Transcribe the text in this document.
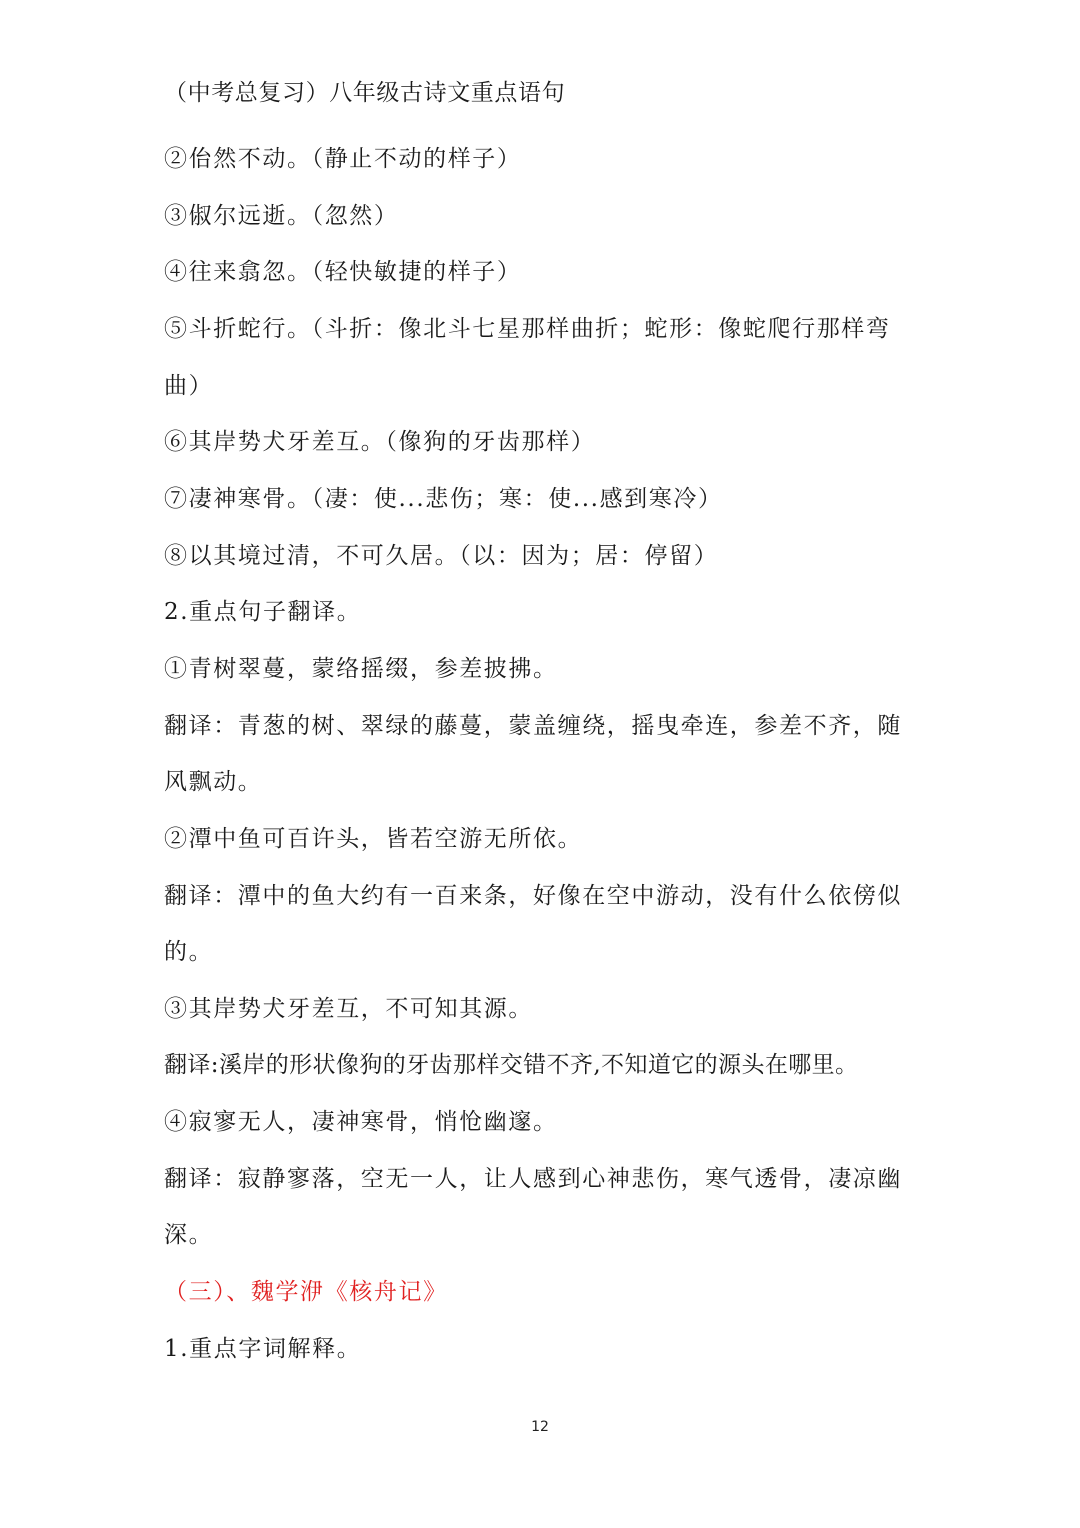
（中考总复习）八年级古诗文重点语句
②佁然不动。（静止不动的样子）
③俶尔远逝。（忽然）
④往来翕忽。（轻快敏捷的样子）
⑤斗折蛇行。（斗折：像北斗七星那样曲折；蛇形：像蛇爬行那样弯
曲）
⑥其岸势犬牙差互。（像狗的牙齿那样）
⑦凄神寒骨。（凄：使...悲伤；寒：使...感到寒冷）
⑧以其境过清，不可久居。（以：因为；居：停留）
2.重点句子翻译。
①青树翠蔓，蒙络摇缀，参差披拂。
翻译：青葱的树、翠绿的藤蔓，蒙盖缠绕，摇曳牵连，参差不齐，随
风飘动。
②潭中鱼可百许头，皆若空游无所依。
翻译：潭中的鱼大约有一百来条，好像在空中游动，没有什么依傍似
的。
③其岸势犬牙差互，不可知其源。
翻译:溪岸的形状像狗的牙齿那样交错不齐,不知道它的源头在哪里。
④寂寥无人，凄神寒骨，悄怆幽邃。
翻译：寂静寥落，空无一人，让人感到心神悲伤，寒气透骨，凄凉幽
深。
（三）、魏学洢《核舟记》
1.重点字词解释。
12
